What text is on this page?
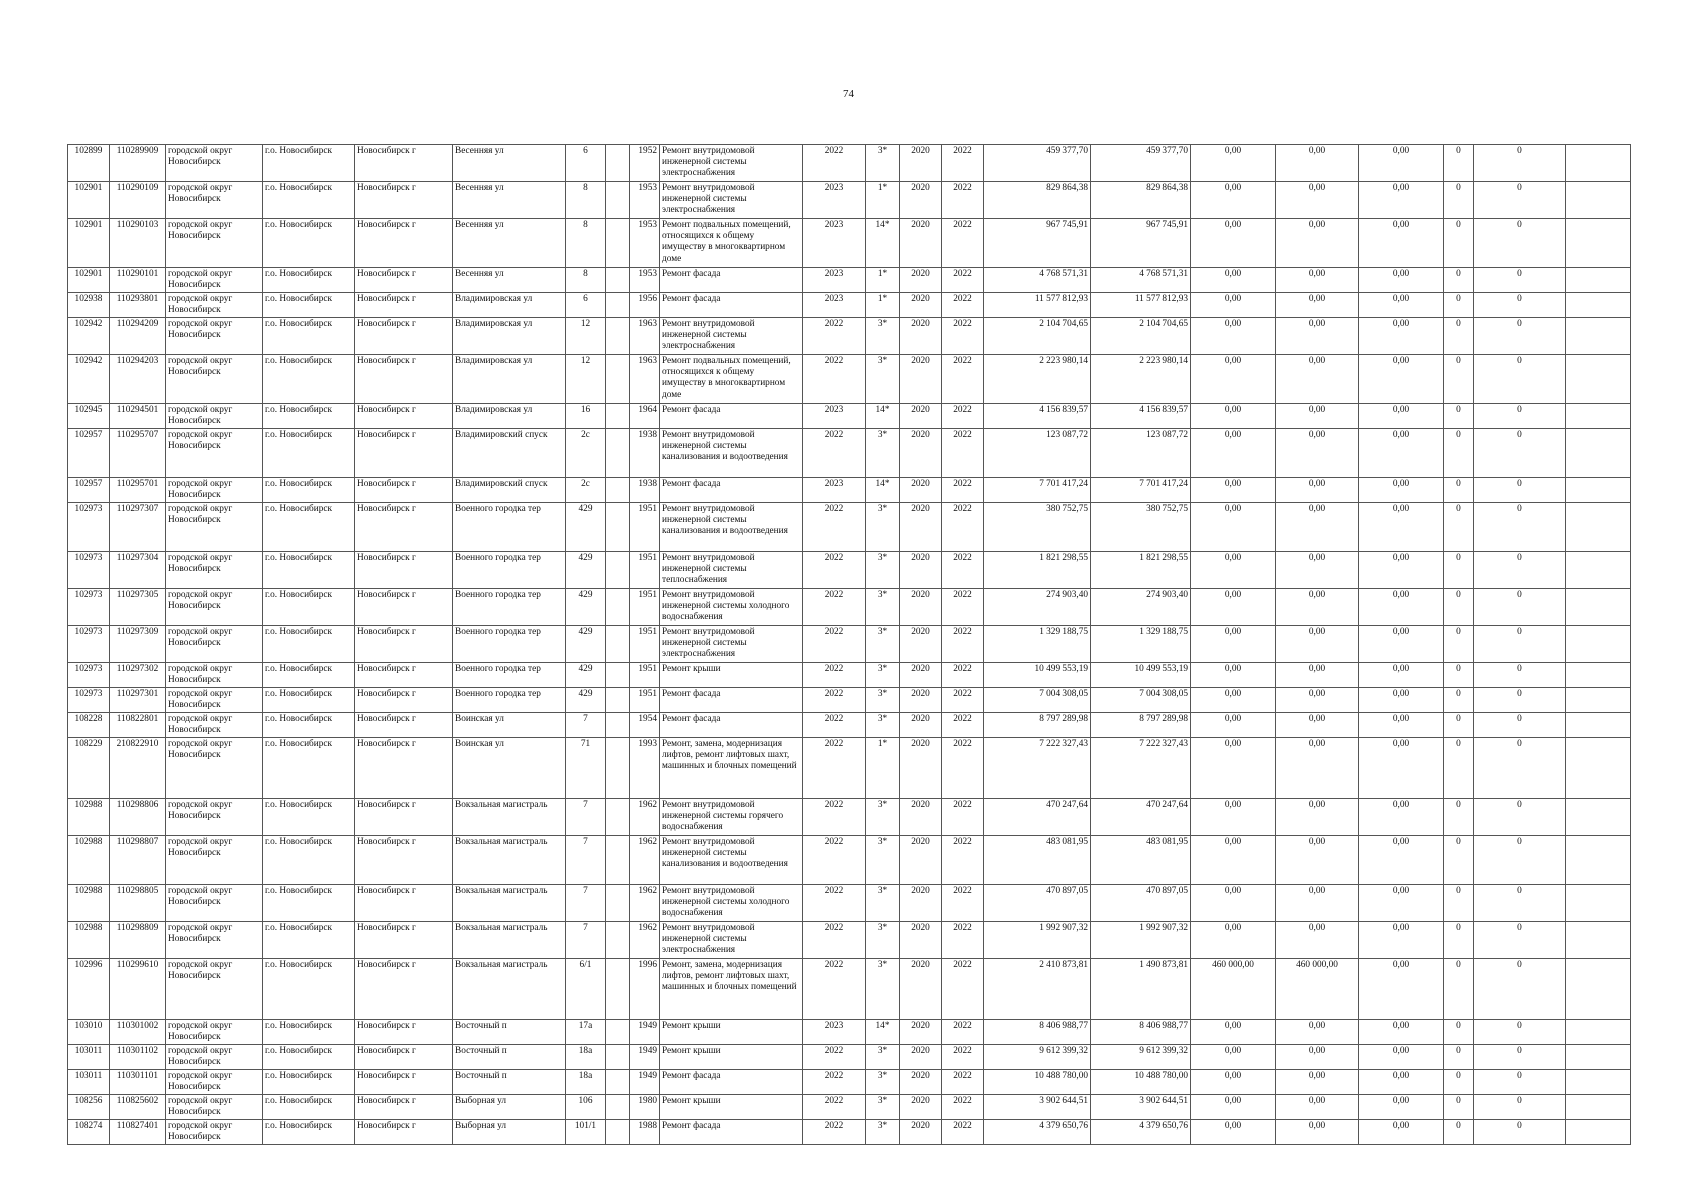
74
102899	110289909	городской округ Новосибирск	г.о. Новосибирск	Новосибирск г	Весенняя ул	6		1952	Ремонт внутридомовой инженерной системы электроснабжения	2022	3*	2020	2022	459 377,70	459 377,70	0,00	0,00	0,00	0	0	
102901	110290109	городской округ Новосибирск	г.о. Новосибирск	Новосибирск г	Весенняя ул	8		1953	Ремонт внутридомовой инженерной системы электроснабжения	2023	1*	2020	2022	829 864,38	829 864,38	0,00	0,00	0,00	0	0	
102901	110290103	городской округ Новосибирск	г.о. Новосибирск	Новосибирск г	Весенняя ул	8		1953	Ремонт подвальных помещений, относящихся к общему имуществу в многоквартирном доме	2023	14*	2020	2022	967 745,91	967 745,91	0,00	0,00	0,00	0	0	
102901	110290101	городской округ Новосибирск	г.о. Новосибирск	Новосибирск г	Весенняя ул	8		1953	Ремонт фасада	2023	1*	2020	2022	4 768 571,31	4 768 571,31	0,00	0,00	0,00	0	0	
102938	110293801	городской округ Новосибирск	г.о. Новосибирск	Новосибирск г	Владимировская ул	6		1956	Ремонт фасада	2023	1*	2020	2022	11 577 812,93	11 577 812,93	0,00	0,00	0,00	0	0	
102942	110294209	городской округ Новосибирск	г.о. Новосибирск	Новосибирск г	Владимировская ул	12		1963	Ремонт внутридомовой инженерной системы электроснабжения	2022	3*	2020	2022	2 104 704,65	2 104 704,65	0,00	0,00	0,00	0	0	
102942	110294203	городской округ Новосибирск	г.о. Новосибирск	Новосибирск г	Владимировская ул	12		1963	Ремонт подвальных помещений, относящихся к общему имуществу в многоквартирном доме	2022	3*	2020	2022	2 223 980,14	2 223 980,14	0,00	0,00	0,00	0	0	
102945	110294501	городской округ Новосибирск	г.о. Новосибирск	Новосибирск г	Владимировская ул	16		1964	Ремонт фасада	2023	14*	2020	2022	4 156 839,57	4 156 839,57	0,00	0,00	0,00	0	0	
102957	110295707	городской округ Новосибирск	г.о. Новосибирск	Новосибирск г	Владимировский спуск	2с		1938	Ремонт внутридомовой инженерной системы канализования и водоотведения	2022	3*	2020	2022	123 087,72	123 087,72	0,00	0,00	0,00	0	0	
102957	110295701	городской округ Новосибирск	г.о. Новосибирск	Новосибирск г	Владимировский спуск	2с		1938	Ремонт фасада	2023	14*	2020	2022	7 701 417,24	7 701 417,24	0,00	0,00	0,00	0	0	
102973	110297307	городской округ Новосибирск	г.о. Новосибирск	Новосибирск г	Военного городка тер	429		1951	Ремонт внутридомовой инженерной системы канализования и водоотведения	2022	3*	2020	2022	380 752,75	380 752,75	0,00	0,00	0,00	0	0	
102973	110297304	городской округ Новосибирск	г.о. Новосибирск	Новосибирск г	Военного городка тер	429		1951	Ремонт внутридомовой инженерной системы теплоснабжения	2022	3*	2020	2022	1 821 298,55	1 821 298,55	0,00	0,00	0,00	0	0	
102973	110297305	городской округ Новосибирск	г.о. Новосибирск	Новосибирск г	Военного городка тер	429		1951	Ремонт внутридомовой инженерной системы холодного водоснабжения	2022	3*	2020	2022	274 903,40	274 903,40	0,00	0,00	0,00	0	0	
102973	110297309	городской округ Новосибирск	г.о. Новосибирск	Новосибирск г	Военного городка тер	429		1951	Ремонт внутридомовой инженерной системы электроснабжения	2022	3*	2020	2022	1 329 188,75	1 329 188,75	0,00	0,00	0,00	0	0	
102973	110297302	городской округ Новосибирск	г.о. Новосибирск	Новосибирск г	Военного городка тер	429		1951	Ремонт крыши	2022	3*	2020	2022	10 499 553,19	10 499 553,19	0,00	0,00	0,00	0	0	
102973	110297301	городской округ Новосибирск	г.о. Новосибирск	Новосибирск г	Военного городка тер	429		1951	Ремонт фасада	2022	3*	2020	2022	7 004 308,05	7 004 308,05	0,00	0,00	0,00	0	0	
108228	110822801	городской округ Новосибирск	г.о. Новосибирск	Новосибирск г	Воинская ул	7		1954	Ремонт фасада	2022	3*	2020	2022	8 797 289,98	8 797 289,98	0,00	0,00	0,00	0	0	
108229	210822910	городской округ Новосибирск	г.о. Новосибирск	Новосибирск г	Воинская ул	71		1993	Ремонт, замена, модернизация лифтов, ремонт лифтовых шахт, машинных и блочных помещений	2022	1*	2020	2022	7 222 327,43	7 222 327,43	0,00	0,00	0,00	0	0	
102988	110298806	городской округ Новосибирск	г.о. Новосибирск	Новосибирск г	Вокзальная магистраль	7		1962	Ремонт внутридомовой инженерной системы горячего водоснабжения	2022	3*	2020	2022	470 247,64	470 247,64	0,00	0,00	0,00	0	0	
102988	110298807	городской округ Новосибирск	г.о. Новосибирск	Новосибирск г	Вокзальная магистраль	7		1962	Ремонт внутридомовой инженерной системы канализования и водоотведения	2022	3*	2020	2022	483 081,95	483 081,95	0,00	0,00	0,00	0	0	
102988	110298805	городской округ Новосибирск	г.о. Новосибирск	Новосибирск г	Вокзальная магистраль	7		1962	Ремонт внутридомовой инженерной системы холодного водоснабжения	2022	3*	2020	2022	470 897,05	470 897,05	0,00	0,00	0,00	0	0	
102988	110298809	городской округ Новосибирск	г.о. Новосибирск	Новосибирск г	Вокзальная магистраль	7		1962	Ремонт внутридомовой инженерной системы электроснабжения	2022	3*	2020	2022	1 992 907,32	1 992 907,32	0,00	0,00	0,00	0	0	
102996	110299610	городской округ Новосибирск	г.о. Новосибирск	Новосибирск г	Вокзальная магистраль	6/1		1996	Ремонт, замена, модернизация лифтов, ремонт лифтовых шахт, машинных и блочных помещений	2022	3*	2020	2022	2 410 873,81	1 490 873,81	460 000,00	460 000,00	0,00	0	0	
103010	110301002	городской округ Новосибирск	г.о. Новосибирск	Новосибирск г	Восточный п	17а		1949	Ремонт крыши	2023	14*	2020	2022	8 406 988,77	8 406 988,77	0,00	0,00	0,00	0	0	
103011	110301102	городской округ Новосибирск	г.о. Новосибирск	Новосибирск г	Восточный п	18а		1949	Ремонт крыши	2022	3*	2020	2022	9 612 399,32	9 612 399,32	0,00	0,00	0,00	0	0	
103011	110301101	городской округ Новосибирск	г.о. Новосибирск	Новосибирск г	Восточный п	18а		1949	Ремонт фасада	2022	3*	2020	2022	10 488 780,00	10 488 780,00	0,00	0,00	0,00	0	0	
108256	110825602	городской округ Новосибирск	г.о. Новосибирск	Новосибирск г	Выборная ул	106		1980	Ремонт крыши	2022	3*	2020	2022	3 902 644,51	3 902 644,51	0,00	0,00	0,00	0	0	
108274	110827401	городской округ Новосибирск	г.о. Новосибирск	Новосибирск г	Выборная ул	101/1		1988	Ремонт фасада	2022	3*	2020	2022	4 379 650,76	4 379 650,76	0,00	0,00	0,00	0	0	
